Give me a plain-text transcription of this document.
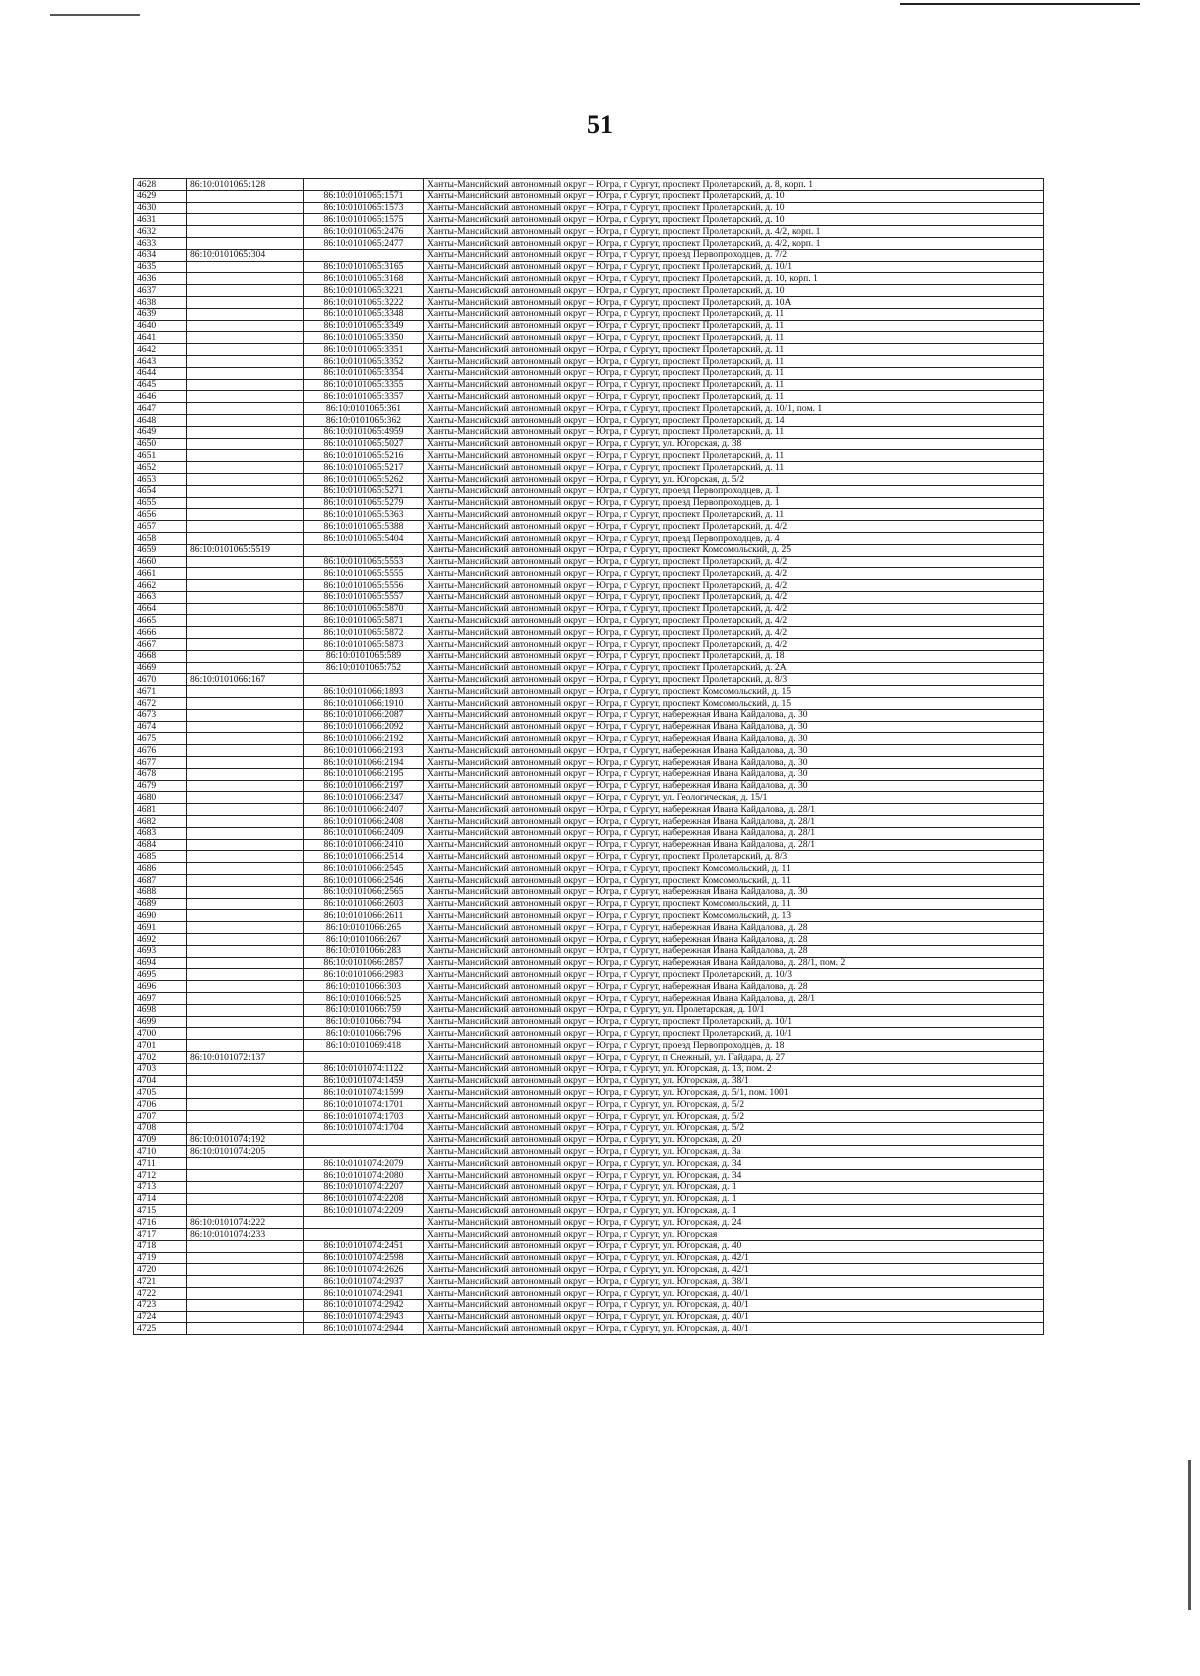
51
4628	86:10:0101065:128		Ханты-Мансийский автономный округ – Югра, г Сургут, проспект Пролетарский, д. 8, корп. 1
4629		86:10:0101065:1571	Ханты-Мансийский автономный округ – Югра, г Сургут, проспект Пролетарский, д. 10
4630		86:10:0101065:1573	Ханты-Мансийский автономный округ – Югра, г Сургут, проспект Пролетарский, д. 10
4631		86:10:0101065:1575	Ханты-Мансийский автономный округ – Югра, г Сургут, проспект Пролетарский, д. 10
4632		86:10:0101065:2476	Ханты-Мансийский автономный округ – Югра, г Сургут, проспект Пролетарский, д. 4/2, корп. 1
4633		86:10:0101065:2477	Ханты-Мансийский автономный округ – Югра, г Сургут, проспект Пролетарский, д. 4/2, корп. 1
4634	86:10:0101065:304		Ханты-Мансийский автономный округ – Югра, г Сургут, проезд Первопроходцев, д. 7/2
4635		86:10:0101065:3165	Ханты-Мансийский автономный округ – Югра, г Сургут, проспект Пролетарский, д. 10/1
4636		86:10:0101065:3168	Ханты-Мансийский автономный округ – Югра, г Сургут, проспект Пролетарский, д. 10, корп. 1
4637		86:10:0101065:3221	Ханты-Мансийский автономный округ – Югра, г Сургут, проспект Пролетарский, д. 10
4638		86:10:0101065:3222	Ханты-Мансийский автономный округ – Югра, г Сургут, проспект Пролетарский, д. 10А
4639		86:10:0101065:3348	Ханты-Мансийский автономный округ – Югра, г Сургут, проспект Пролетарский, д. 11
4640		86:10:0101065:3349	Ханты-Мансийский автономный округ – Югра, г Сургут, проспект Пролетарский, д. 11
4641		86:10:0101065:3350	Ханты-Мансийский автономный округ – Югра, г Сургут, проспект Пролетарский, д. 11
4642		86:10:0101065:3351	Ханты-Мансийский автономный округ – Югра, г Сургут, проспект Пролетарский, д. 11
4643		86:10:0101065:3352	Ханты-Мансийский автономный округ – Югра, г Сургут, проспект Пролетарский, д. 11
4644		86:10:0101065:3354	Ханты-Мансийский автономный округ – Югра, г Сургут, проспект Пролетарский, д. 11
4645		86:10:0101065:3355	Ханты-Мансийский автономный округ – Югра, г Сургут, проспект Пролетарский, д. 11
4646		86:10:0101065:3357	Ханты-Мансийский автономный округ – Югра, г Сургут, проспект Пролетарский, д. 11
4647		86:10:0101065:361	Ханты-Мансийский автономный округ – Югра, г Сургут, проспект Пролетарский, д. 10/1, пом. 1
4648		86:10:0101065:362	Ханты-Мансийский автономный округ – Югра, г Сургут, проспект Пролетарский, д. 14
4649		86:10:0101065:4959	Ханты-Мансийский автономный округ – Югра, г Сургут, проспект Пролетарский, д. 11
4650		86:10:0101065:5027	Ханты-Мансийский автономный округ – Югра, г Сургут, ул. Югорская, д. 38
4651		86:10:0101065:5216	Ханты-Мансийский автономный округ – Югра, г Сургут, проспект Пролетарский, д. 11
4652		86:10:0101065:5217	Ханты-Мансийский автономный округ – Югра, г Сургут, проспект Пролетарский, д. 11
4653		86:10:0101065:5262	Ханты-Мансийский автономный округ – Югра, г Сургут, ул. Югорская, д. 5/2
4654		86:10:0101065:5271	Ханты-Мансийский автономный округ – Югра, г Сургут, проезд Первопроходцев, д. 1
4655		86:10:0101065:5279	Ханты-Мансийский автономный округ – Югра, г Сургут, проезд Первопроходцев, д. 1
4656		86:10:0101065:5363	Ханты-Мансийский автономный округ – Югра, г Сургут, проспект Пролетарский, д. 11
4657		86:10:0101065:5388	Ханты-Мансийский автономный округ – Югра, г Сургут, проспект Пролетарский, д. 4/2
4658		86:10:0101065:5404	Ханты-Мансийский автономный округ – Югра, г Сургут, проезд Первопроходцев, д. 4
4659	86:10:0101065:5519		Ханты-Мансийский автономный округ – Югра, г Сургут, проспект Комсомольский, д. 25
4660		86:10:0101065:5553	Ханты-Мансийский автономный округ – Югра, г Сургут, проспект Пролетарский, д. 4/2
4661		86:10:0101065:5555	Ханты-Мансийский автономный округ – Югра, г Сургут, проспект Пролетарский, д. 4/2
4662		86:10:0101065:5556	Ханты-Мансийский автономный округ – Югра, г Сургут, проспект Пролетарский, д. 4/2
4663		86:10:0101065:5557	Ханты-Мансийский автономный округ – Югра, г Сургут, проспект Пролетарский, д. 4/2
4664		86:10:0101065:5870	Ханты-Мансийский автономный округ – Югра, г Сургут, проспект Пролетарский, д. 4/2
4665		86:10:0101065:5871	Ханты-Мансийский автономный округ – Югра, г Сургут, проспект Пролетарский, д. 4/2
4666		86:10:0101065:5872	Ханты-Мансийский автономный округ – Югра, г Сургут, проспект Пролетарский, д. 4/2
4667		86:10:0101065:5873	Ханты-Мансийский автономный округ – Югра, г Сургут, проспект Пролетарский, д. 4/2
4668		86:10:0101065:589	Ханты-Мансийский автономный округ – Югра, г Сургут, проспект Пролетарский, д. 18
4669		86:10:0101065:752	Ханты-Мансийский автономный округ – Югра, г Сургут, проспект Пролетарский, д. 2А
4670	86:10:0101066:167		Ханты-Мансийский автономный округ – Югра, г Сургут, проспект Пролетарский, д. 8/3
4671		86:10:0101066:1893	Ханты-Мансийский автономный округ – Югра, г Сургут, проспект Комсомольский, д. 15
4672		86:10:0101066:1910	Ханты-Мансийский автономный округ – Югра, г Сургут, проспект Комсомольский, д. 15
4673		86:10:0101066:2087	Ханты-Мансийский автономный округ – Югра, г Сургут, набережная Ивана Кайдалова, д. 30
4674		86:10:0101066:2092	Ханты-Мансийский автономный округ – Югра, г Сургут, набережная Ивана Кайдалова, д. 30
4675		86:10:0101066:2192	Ханты-Мансийский автономный округ – Югра, г Сургут, набережная Ивана Кайдалова, д. 30
4676		86:10:0101066:2193	Ханты-Мансийский автономный округ – Югра, г Сургут, набережная Ивана Кайдалова, д. 30
4677		86:10:0101066:2194	Ханты-Мансийский автономный округ – Югра, г Сургут, набережная Ивана Кайдалова, д. 30
4678		86:10:0101066:2195	Ханты-Мансийский автономный округ – Югра, г Сургут, набережная Ивана Кайдалова, д. 30
4679		86:10:0101066:2197	Ханты-Мансийский автономный округ – Югра, г Сургут, набережная Ивана Кайдалова, д. 30
4680		86:10:0101066:2347	Ханты-Мансийский автономный округ – Югра, г Сургут, ул. Геологическая, д. 15/1
4681		86:10:0101066:2407	Ханты-Мансийский автономный округ – Югра, г Сургут, набережная Ивана Кайдалова, д. 28/1
4682		86:10:0101066:2408	Ханты-Мансийский автономный округ – Югра, г Сургут, набережная Ивана Кайдалова, д. 28/1
4683		86:10:0101066:2409	Ханты-Мансийский автономный округ – Югра, г Сургут, набережная Ивана Кайдалова, д. 28/1
4684		86:10:0101066:2410	Ханты-Мансийский автономный округ – Югра, г Сургут, набережная Ивана Кайдалова, д. 28/1
4685		86:10:0101066:2514	Ханты-Мансийский автономный округ – Югра, г Сургут, проспект Пролетарский, д. 8/3
4686		86:10:0101066:2545	Ханты-Мансийский автономный округ – Югра, г Сургут, проспект Комсомольский, д. 11
4687		86:10:0101066:2546	Ханты-Мансийский автономный округ – Югра, г Сургут, проспект Комсомольский, д. 11
4688		86:10:0101066:2565	Ханты-Мансийский автономный округ – Югра, г Сургут, набережная Ивана Кайдалова, д. 30
4689		86:10:0101066:2603	Ханты-Мансийский автономный округ – Югра, г Сургут, проспект Комсомольский, д. 11
4690		86:10:0101066:2611	Ханты-Мансийский автономный округ – Югра, г Сургут, проспект Комсомольский, д. 13
4691		86:10:0101066:265	Ханты-Мансийский автономный округ – Югра, г Сургут, набережная Ивана Кайдалова, д. 28
4692		86:10:0101066:267	Ханты-Мансийский автономный округ – Югра, г Сургут, набережная Ивана Кайдалова, д. 28
4693		86:10:0101066:283	Ханты-Мансийский автономный округ – Югра, г Сургут, набережная Ивана Кайдалова, д. 28
4694		86:10:0101066:2857	Ханты-Мансийский автономный округ – Югра, г Сургут, набережная Ивана Кайдалова, д. 28/1, пом. 2
4695		86:10:0101066:2983	Ханты-Мансийский автономный округ – Югра, г Сургут, проспект Пролетарский, д. 10/3
4696		86:10:0101066:303	Ханты-Мансийский автономный округ – Югра, г Сургут, набережная Ивана Кайдалова, д. 28
4697		86:10:0101066:525	Ханты-Мансийский автономный округ – Югра, г Сургут, набережная Ивана Кайдалова, д. 28/1
4698		86:10:0101066:759	Ханты-Мансийский автономный округ – Югра, г Сургут, ул. Пролетарская, д. 10/1
4699		86:10:0101066:794	Ханты-Мансийский автономный округ – Югра, г Сургут, проспект Пролетарский, д. 10/1
4700		86:10:0101066:796	Ханты-Мансийский автономный округ – Югра, г Сургут, проспект Пролетарский, д. 10/1
4701		86:10:0101069:418	Ханты-Мансийский автономный округ – Югра, г Сургут, проезд Первопроходцев, д. 18
4702	86:10:0101072:137		Ханты-Мансийский автономный округ – Югра, г Сургут, п Снежный, ул. Гайдара, д. 27
4703		86:10:0101074:1122	Ханты-Мансийский автономный округ – Югра, г Сургут, ул. Югорская, д. 13, пом. 2
4704		86:10:0101074:1459	Ханты-Мансийский автономный округ – Югра, г Сургут, ул. Югорская, д. 38/1
4705		86:10:0101074:1599	Ханты-Мансийский автономный округ – Югра, г Сургут, ул. Югорская, д. 5/1, пом. 1001
4706		86:10:0101074:1701	Ханты-Мансийский автономный округ – Югра, г Сургут, ул. Югорская, д. 5/2
4707		86:10:0101074:1703	Ханты-Мансийский автономный округ – Югра, г Сургут, ул. Югорская, д. 5/2
4708		86:10:0101074:1704	Ханты-Мансийский автономный округ – Югра, г Сургут, ул. Югорская, д. 5/2
4709	86:10:0101074:192		Ханты-Мансийский автономный округ – Югра, г Сургут, ул. Югорская, д. 20
4710	86:10:0101074:205		Ханты-Мансийский автономный округ – Югра, г Сургут, ул. Югорская, д. 3а
4711		86:10:0101074:2079	Ханты-Мансийский автономный округ – Югра, г Сургут, ул. Югорская, д. 34
4712		86:10:0101074:2080	Ханты-Мансийский автономный округ – Югра, г Сургут, ул. Югорская, д. 34
4713		86:10:0101074:2207	Ханты-Мансийский автономный округ – Югра, г Сургут, ул. Югорская, д. 1
4714		86:10:0101074:2208	Ханты-Мансийский автономный округ – Югра, г Сургут, ул. Югорская, д. 1
4715		86:10:0101074:2209	Ханты-Мансийский автономный округ – Югра, г Сургут, ул. Югорская, д. 1
4716	86:10:0101074:222		Ханты-Мансийский автономный округ – Югра, г Сургут, ул. Югорская, д. 24
4717	86:10:0101074:233		Ханты-Мансийский автономный округ – Югра, г Сургут, ул. Югорская
4718		86:10:0101074:2451	Ханты-Мансийский автономный округ – Югра, г Сургут, ул. Югорская, д. 40
4719		86:10:0101074:2598	Ханты-Мансийский автономный округ – Югра, г Сургут, ул. Югорская, д. 42/1
4720		86:10:0101074:2626	Ханты-Мансийский автономный округ – Югра, г Сургут, ул. Югорская, д. 42/1
4721		86:10:0101074:2937	Ханты-Мансийский автономный округ – Югра, г Сургут, ул. Югорская, д. 38/1
4722		86:10:0101074:2941	Ханты-Мансийский автономный округ – Югра, г Сургут, ул. Югорская, д. 40/1
4723		86:10:0101074:2942	Ханты-Мансийский автономный округ – Югра, г Сургут, ул. Югорская, д. 40/1
4724		86:10:0101074:2943	Ханты-Мансийский автономный округ – Югра, г Сургут, ул. Югорская, д. 40/1
4725		86:10:0101074:2944	Ханты-Мансийский автономный округ – Югра, г Сургут, ул. Югорская, д. 40/1
